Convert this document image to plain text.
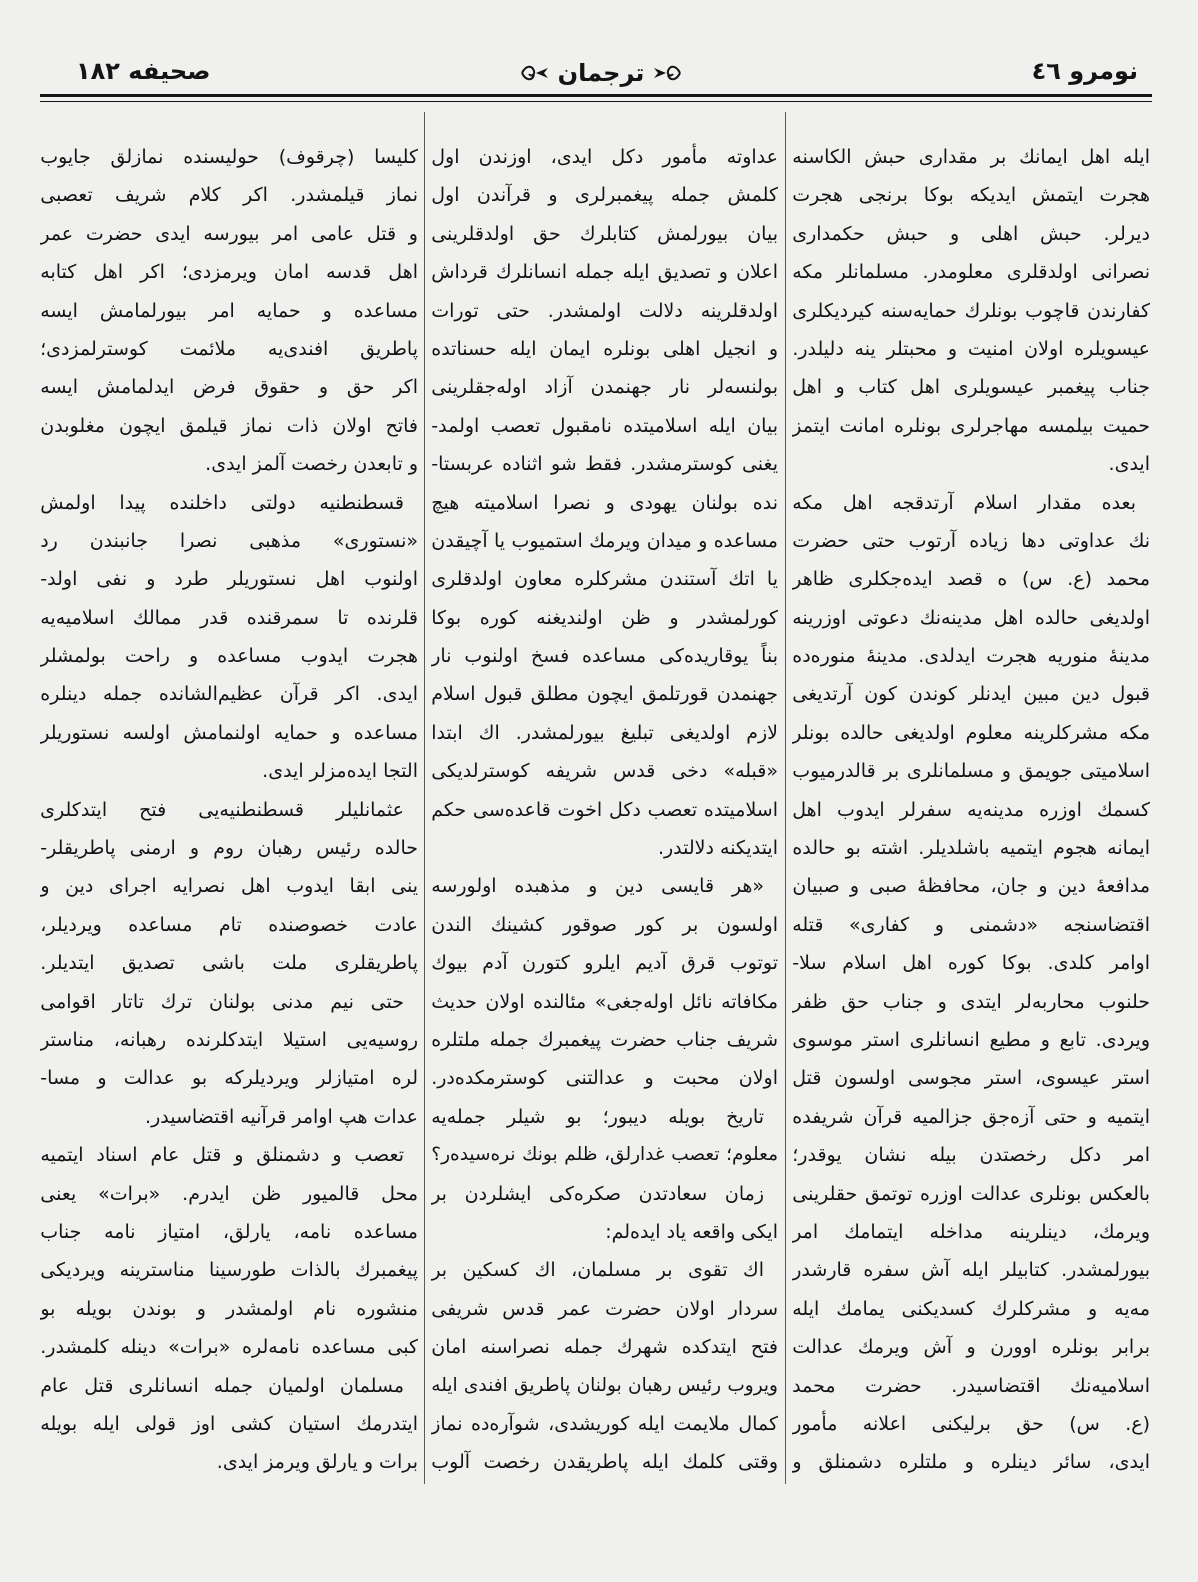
نومرو ٤٦
ترجمان
صحیفه ١٨٢
ایله اهل ایمانك بر مقداری حبش الکاسنه
هجرت ایتمش ایدیکه بوکا برنجی هجرت
دیرلر. حبش اهلی و حبش حکمداری
نصرانی اولدقلری معلومدر. مسلمانلر مکه
کفارندن قاچوب بونلرك حمایه‌سنه کیردیکلری
عیسویلره اولان امنیت و محبتلر ینه دلیلدر.
جناب پیغمبر عیسویلری اهل کتاب و اهل
حمیت بیلمسه مهاجرلری بونلره امانت ایتمز
ایدی.
بعده مقدار اسلام آرتدقجه اهل مکه
نك عداوتی دها زیاده آرتوب حتی حضرت
محمد (ع. س) ه قصد ایده‌جکلری ظاهر
اولدیغی حالده اهل مدینه‌نك دعوتی اوزرینه
مدینهٔ منوریه هجرت ایدلدی. مدینهٔ منوره‌ده
قبول دین مبین ایدنلر کوندن کون آرتدیغی
مکه مشرکلرینه معلوم اولدیغی حالده بونلر
اسلامیتی جویمق و مسلمانلری بر قالدرمیوب
کسمك اوزره مدینه‌یه سفرلر ایدوب اهل
ایمانه هجوم ایتمیه باشلدیلر. اشته بو حالده
مدافعهٔ دین و جان، محافظهٔ صبی و صبیان
اقتضاسنجه «دشمنی و کفاری» قتله
اوامر کلدی. بوکا کوره اهل اسلام سلا-
حلنوب محاربه‌لر ایتدی و جناب حق ظفر
ویردی. تابع و مطیع انسانلری استر موسوی
استر عیسوی، استر مجوسی اولسون قتل
ایتمیه و حتی آزه‌جق جزالمیه قرآن شریفده
امر دکل رخصتدن بیله نشان یوقدر؛
بالعکس بونلری عدالت اوزره توتمق حقلرینی
ویرمك، دینلرینه مداخله ایتمامك امر
بیورلمشدر. کتابیلر ایله آش سفره قارشدر
مه‌یه و مشرکلرك کسدیکنی یمامك ایله
برابر بونلره اوورن و آش ویرمك عدالت
اسلامیه‌نك اقتضاسیدر. حضرت محمد
(ع. س) حق برلیکنی اعلانه مأمور
ایدی، سائر دینلره و ملتلره دشمنلق و
عداوته مأمور دکل ایدی، اوزندن اول
کلمش جمله پیغمبرلری و قرآندن اول
بیان بیورلمش کتابلرك حق اولدقلرینی
اعلان و تصدیق ایله جمله انسانلرك قرداش
اولدقلرینه دلالت اولمشدر. حتی تورات
و انجیل اهلی بونلره ایمان ایله حسناتده
بولنسه‌لر نار جهنمدن آزاد اوله‌جقلرینی
بیان ایله اسلامیتده نامقبول تعصب اولمد-
یغنی کوسترمشدر. فقط شو اثناده عربستا-
نده بولنان یهودی و نصرا اسلامیته هیچ
مساعده و میدان ویرمك استمیوب یا آچیقدن
یا اتك آستندن مشرکلره معاون اولدقلری
کورلمشدر و ظن اولندیغنه کوره بوکا
بناً یوقاریده‌کی مساعده فسخ اولنوب نار
جهنمدن قورتلمق ایچون مطلق قبول اسلام
لازم اولدیغی تبلیغ بیورلمشدر. اك ابتدا
«قبله» دخی قدس شریفه کوسترلدیکی
اسلامیتده تعصب دکل اخوت قاعده‌سی حکم
ایتدیکنه دلالتدر.
«هر قایسی دین و مذهبده اولورسه
اولسون بر کور صوقور کشینك الندن
توتوب قرق آدیم ایلرو کتورن آدم بیوك
مکافاته نائل اوله‌جغی» مئالنده اولان حدیث
شریف جناب حضرت پیغمبرك جمله ملتلره
اولان محبت و عدالتنی کوسترمکده‌در.
تاریخ بویله دیبور؛ بو شیلر جمله‌یه
معلوم؛ تعصب غدارلق، ظلم بونك نره‌سیده‌ر؟
زمان سعادتدن صکره‌کی ایشلردن بر
ایکی واقعه یاد ایده‌لم:
اك تقوی بر مسلمان، اك کسکین بر
سردار اولان حضرت عمر قدس شریفی
فتح ایتدکده شهرك جمله نصراسنه امان
ویروب رئیس رهبان بولنان پاطریق افندی ایله
کمال ملایمت ایله کوریشدی، شوآره‌ده نماز
وقتی کلمك ایله پاطریقدن رخصت آلوب
کلیسا (چرقوف) حولیسنده نمازلق جایوب
نماز قیلمشدر. اکر کلام شریف تعصبی
و قتل عامی امر بیورسه ایدی حضرت عمر
اهل قدسه امان ویرمزدی؛ اکر اهل کتابه
مساعده و حمایه امر بیورلمامش ایسه
پاطریق افندی‌یه ملائمت کوسترلمزدی؛
اکر حق و حقوق فرض ایدلمامش ایسه
فاتح اولان ذات نماز قیلمق ایچون مغلوبدن
و تابعدن رخصت آلمز ایدی.
قسطنطنیه دولتی داخلنده پیدا اولمش
«نستوری» مذهبی نصرا جانبندن رد
اولنوب اهل نستوریلر طرد و نفی اولد-
قلرنده تا سمرقنده قدر ممالك اسلامیه‌یه
هجرت ایدوب مساعده و راحت بولمشلر
ایدی. اکر قرآن عظیم‌الشانده جمله دینلره
مساعده و حمایه اولنمامش اولسه نستوریلر
التجا ایده‌مزلر ایدی.
عثمانلیلر قسطنطنیه‌یی فتح ایتدکلری
حالده رئیس رهبان روم و ارمنی پاطریقلر-
ینی ابقا ایدوب اهل نصرایه اجرای دین و
عادت خصوصنده تام مساعده ویردیلر،
پاطریقلری ملت باشی تصدیق ایتدیلر.
حتی نیم مدنی بولنان ترك تاتار اقوامی
روسیه‌یی استیلا ایتدکلرنده رهبانه، مناستر
لره امتیازلر ویردیلرکه بو عدالت و مسا-
عدات هپ اوامر قرآنیه اقتضاسیدر.
تعصب و دشمنلق و قتل عام اسناد ایتمیه
محل قالمیور ظن ایدرم. «برات» یعنی
مساعده نامه، یارلق، امتیاز نامه جناب
پیغمبرك بالذات طورسینا مناسترینه ویردیکی
منشوره نام اولمشدر و بوندن بویله بو
کبی مساعده نامه‌لره «برات» دینله کلمشدر.
مسلمان اولمیان جمله انسانلری قتل عام
ایتدرمك استیان کشی اوز قولی ایله بویله
برات و یارلق ویرمز ایدی.
